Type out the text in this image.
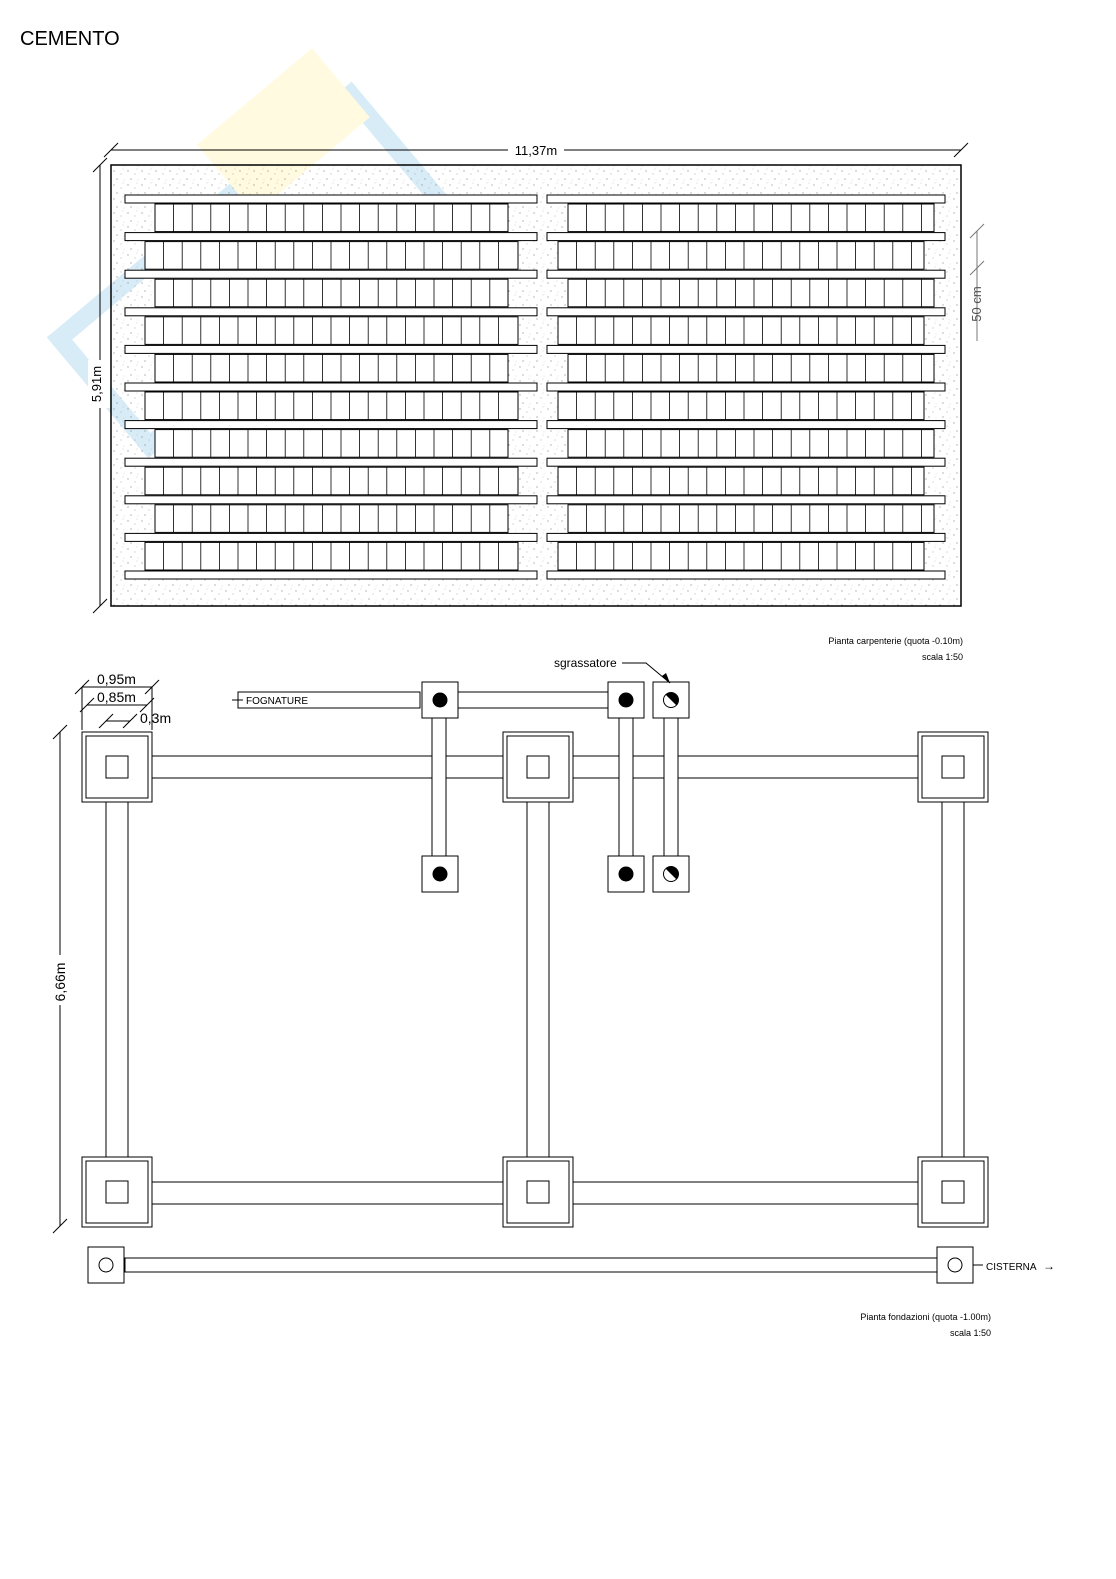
CEMENTO
11,37m
5,91m
50 cm
Pianta carpenterie (quota -0.10m)
scala 1:50
0,95m
0,85m
0,3m
6,66m
FOGNATURE
sgrassatore
CISTERNA →
Pianta fondazioni (quota -1.00m)
scala 1:50
